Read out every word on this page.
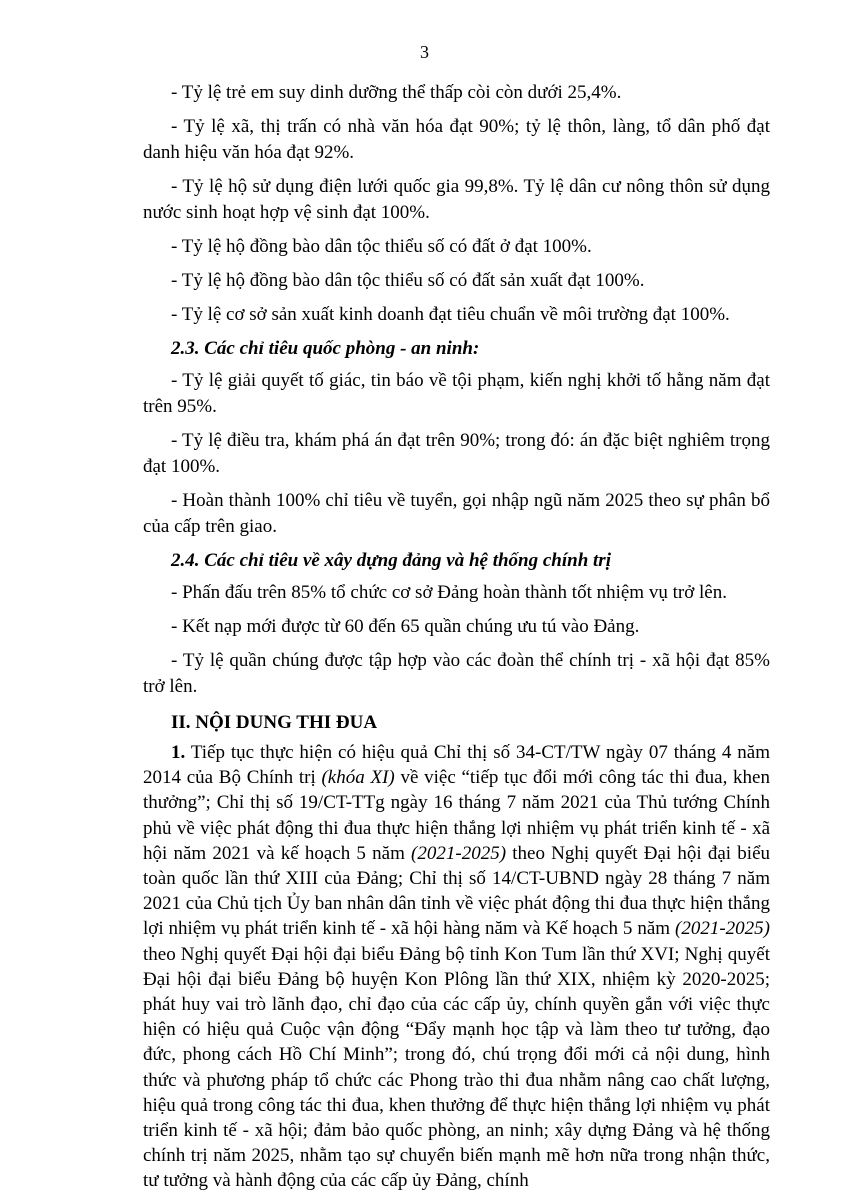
3

- Tỷ lệ trẻ em suy dinh dưỡng thể thấp còi còn dưới 25,4%.

- Tỷ lệ xã, thị trấn có nhà văn hóa đạt 90%; tỷ lệ thôn, làng, tổ dân phố đạt danh hiệu văn hóa đạt 92%.

- Tỷ lệ hộ sử dụng điện lưới quốc gia 99,8%. Tỷ lệ dân cư nông thôn sử dụng nước sinh hoạt hợp vệ sinh đạt 100%.

- Tỷ lệ hộ đồng bào dân tộc thiểu số có đất ở đạt 100%.

- Tỷ lệ hộ đồng bào dân tộc thiểu số có đất sản xuất đạt 100%.

- Tỷ lệ cơ sở sản xuất kinh doanh đạt tiêu chuẩn về môi trường đạt 100%.

2.3. Các chỉ tiêu quốc phòng - an ninh:

- Tỷ lệ giải quyết tố giác, tin báo về tội phạm, kiến nghị khởi tố hằng năm đạt trên 95%.

- Tỷ lệ điều tra, khám phá án đạt trên 90%; trong đó: án đặc biệt nghiêm trọng đạt 100%.

- Hoàn thành 100% chỉ tiêu về tuyển, gọi nhập ngũ năm 2025 theo sự phân bổ của cấp trên giao.

2.4. Các chỉ tiêu về xây dựng đảng và hệ thống chính trị

- Phấn đấu trên 85% tổ chức cơ sở Đảng hoàn thành tốt nhiệm vụ trở lên.

- Kết nạp mới được từ 60 đến 65 quần chúng ưu tú vào Đảng.

- Tỷ lệ quần chúng được tập hợp vào các đoàn thể chính trị - xã hội đạt 85% trở lên.

II. NỘI DUNG THI ĐUA

1. Tiếp tục thực hiện có hiệu quả Chỉ thị số 34-CT/TW ngày 07 tháng 4 năm 2014 của Bộ Chính trị (khóa XI) về việc “tiếp tục đổi mới công tác thi đua, khen thưởng”; Chỉ thị số 19/CT-TTg ngày 16 tháng 7 năm 2021 của Thủ tướng Chính phủ về việc phát động thi đua thực hiện thắng lợi nhiệm vụ phát triển kinh tế - xã hội năm 2021 và kế hoạch 5 năm (2021-2025) theo Nghị quyết Đại hội đại biểu toàn quốc lần thứ XIII của Đảng; Chỉ thị số 14/CT-UBND ngày 28 tháng 7 năm 2021 của Chủ tịch Ủy ban nhân dân tỉnh về việc phát động thi đua thực hiện thắng lợi nhiệm vụ phát triển kinh tế - xã hội hàng năm và Kế hoạch 5 năm (2021-2025) theo Nghị quyết Đại hội đại biểu Đảng bộ tỉnh Kon Tum lần thứ XVI; Nghị quyết Đại hội đại biểu Đảng bộ huyện Kon Plông lần thứ XIX, nhiệm kỳ 2020-2025; phát huy vai trò lãnh đạo, chỉ đạo của các cấp ủy, chính quyền gắn với việc thực hiện có hiệu quả Cuộc vận động “Đẩy mạnh học tập và làm theo tư tưởng, đạo đức, phong cách Hồ Chí Minh”; trong đó, chú trọng đổi mới cả nội dung, hình thức và phương pháp tổ chức các Phong trào thi đua nhằm nâng cao chất lượng, hiệu quả trong công tác thi đua, khen thưởng để thực hiện thắng lợi nhiệm vụ phát triển kinh tế - xã hội; đảm bảo quốc phòng, an ninh; xây dựng Đảng và hệ thống chính trị năm 2025, nhằm tạo sự chuyển biến mạnh mẽ hơn nữa trong nhận thức, tư tưởng và hành động của các cấp ủy Đảng, chính
